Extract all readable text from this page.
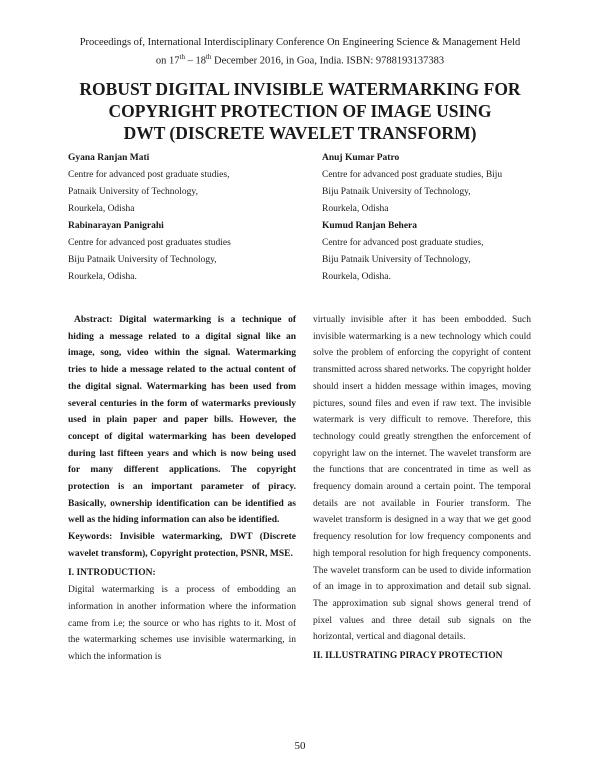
Proceedings of, International Interdisciplinary Conference On Engineering Science & Management Held
on 17th – 18th December 2016, in Goa, India. ISBN: 9788193137383
ROBUST DIGITAL INVISIBLE WATERMARKING FOR
COPYRIGHT PROTECTION OF IMAGE USING
DWT (DISCRETE WAVELET TRANSFORM)
Gyana Ranjan Mati
Centre for advanced post graduate studies,
Patnaik University of Technology,
Rourkela, Odisha
Rabinarayan Panigrahi
Centre for advanced post graduates studies
Biju Patnaik University of Technology,
Rourkela, Odisha.
Anuj Kumar Patro
Centre for advanced post graduate studies, Biju
Biju Patnaik University of Technology,
Rourkela, Odisha
Kumud Ranjan Behera
Centre for advanced post graduate studies,
Biju Patnaik University of Technology,
Rourkela, Odisha.

Abstract: Digital watermarking is a technique of hiding a message related to a digital signal like an image, song, video within the signal. Watermarking tries to hide a message related to the actual content of the digital signal. Watermarking has been used from several centuries in the form of watermarks previously used in plain paper and paper bills. However, the concept of digital watermarking has been developed during last fifteen years and which is now being used for many different applications. The copyright protection is an important parameter of piracy. Basically, ownership identification can be identified as well as the hiding information can also be identified.

Keywords: Invisible watermarking, DWT (Discrete wavelet transform), Copyright protection, PSNR, MSE.

I. INTRODUCTION:

Digital watermarking is a process of embodding an information in another information where the information came from i.e; the source or who has rights to it. Most of the watermarking schemes use invisible watermarking, in which the information is

virtually invisible after it has been embodded. Such invisible watermarking is a new technology which could solve the problem of enforcing the copyright of content transmitted across shared networks. The copyright holder should insert a hidden message within images, moving pictures, sound files and even if raw text. The invisible watermark is very difficult to remove. Therefore, this technology could greatly strengthen the enforcement of copyright law on the internet. The wavelet transform are the functions that are concentrated in time as well as frequency domain around a certain point. The temporal details are not available in Fourier transform. The wavelet transform is designed in a way that we get good frequency resolution for low frequency components and high temporal resolution for high frequency components. The wavelet transform can be used to divide information of an image in to approximation and detail sub signal. The approximation sub signal shows general trend of pixel values and three detail sub signals on the horizontal, vertical and diagonal details.

II. ILLUSTRATING PIRACY PROTECTION

50
